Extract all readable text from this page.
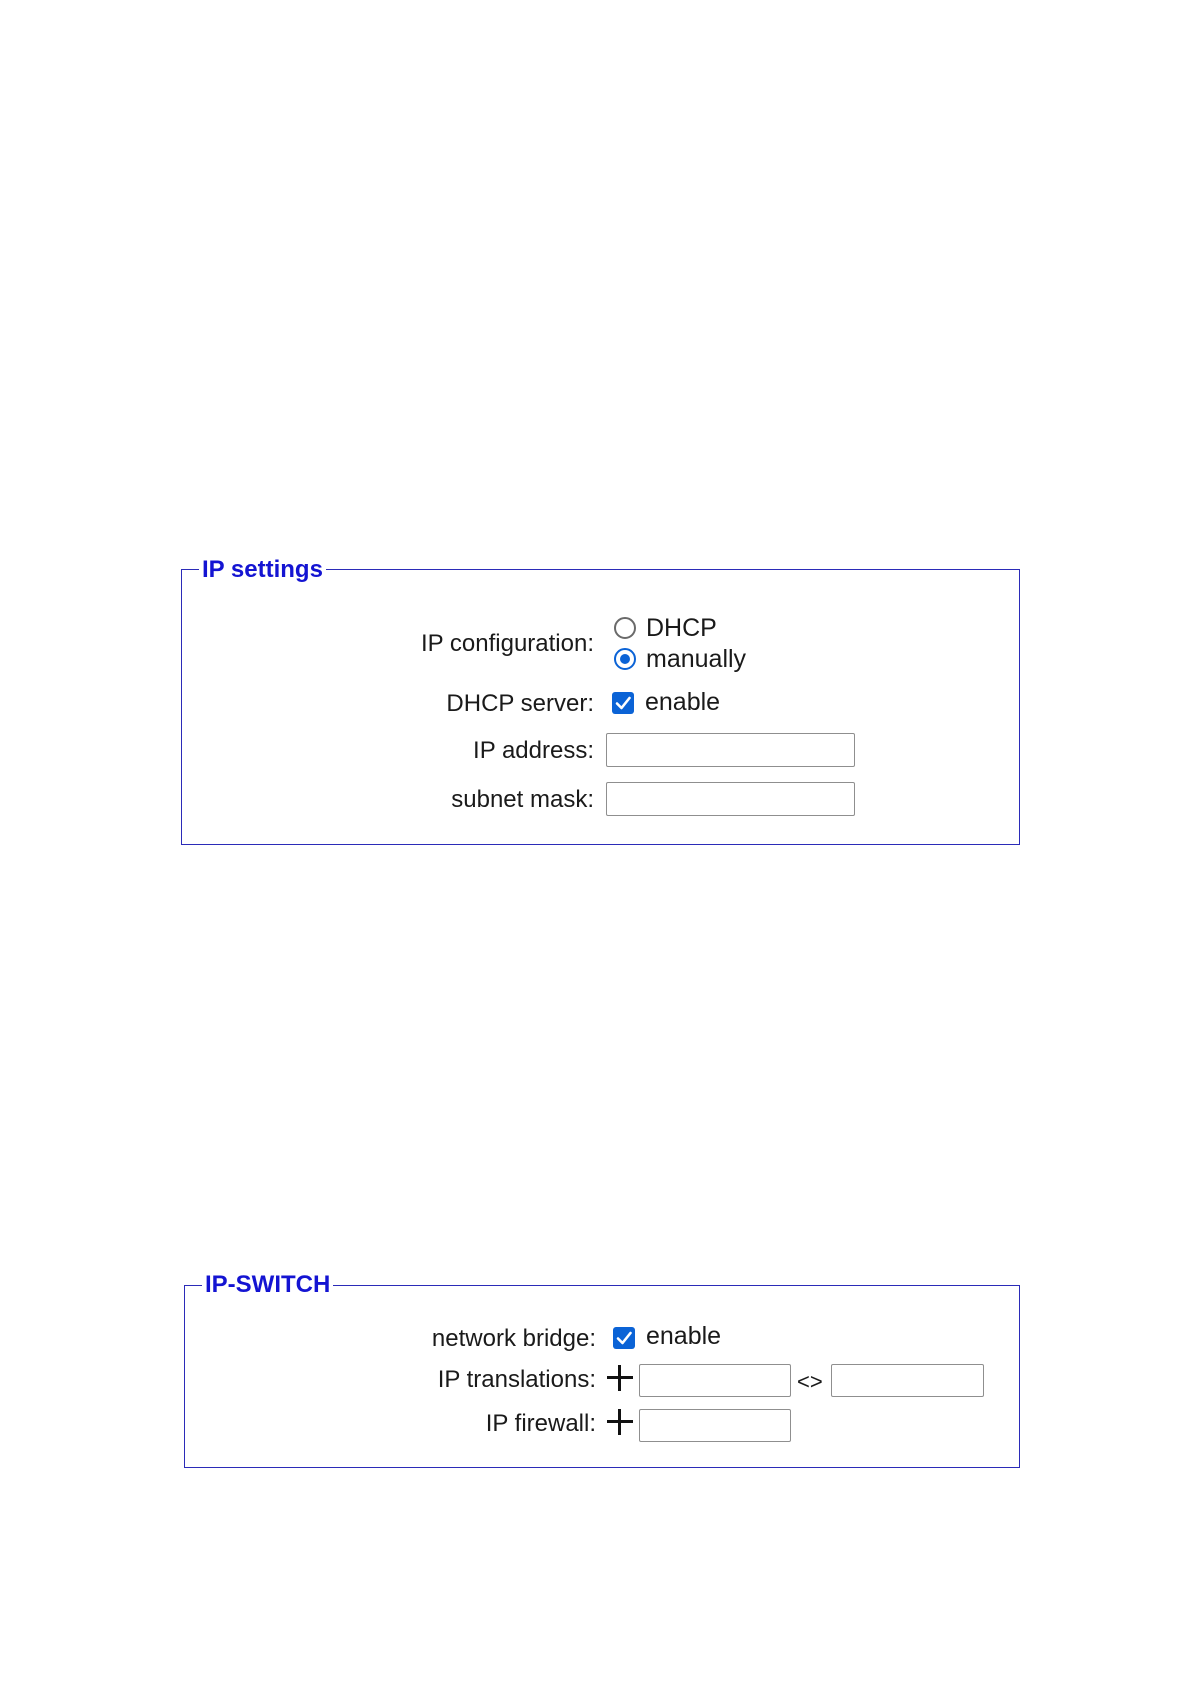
IP settings
IP configuration:
DHCP
manually
DHCP server: enable
IP address:
subnet mask:
IP-SWITCH
network bridge: enable
IP translations:	<>
IP firewall:
